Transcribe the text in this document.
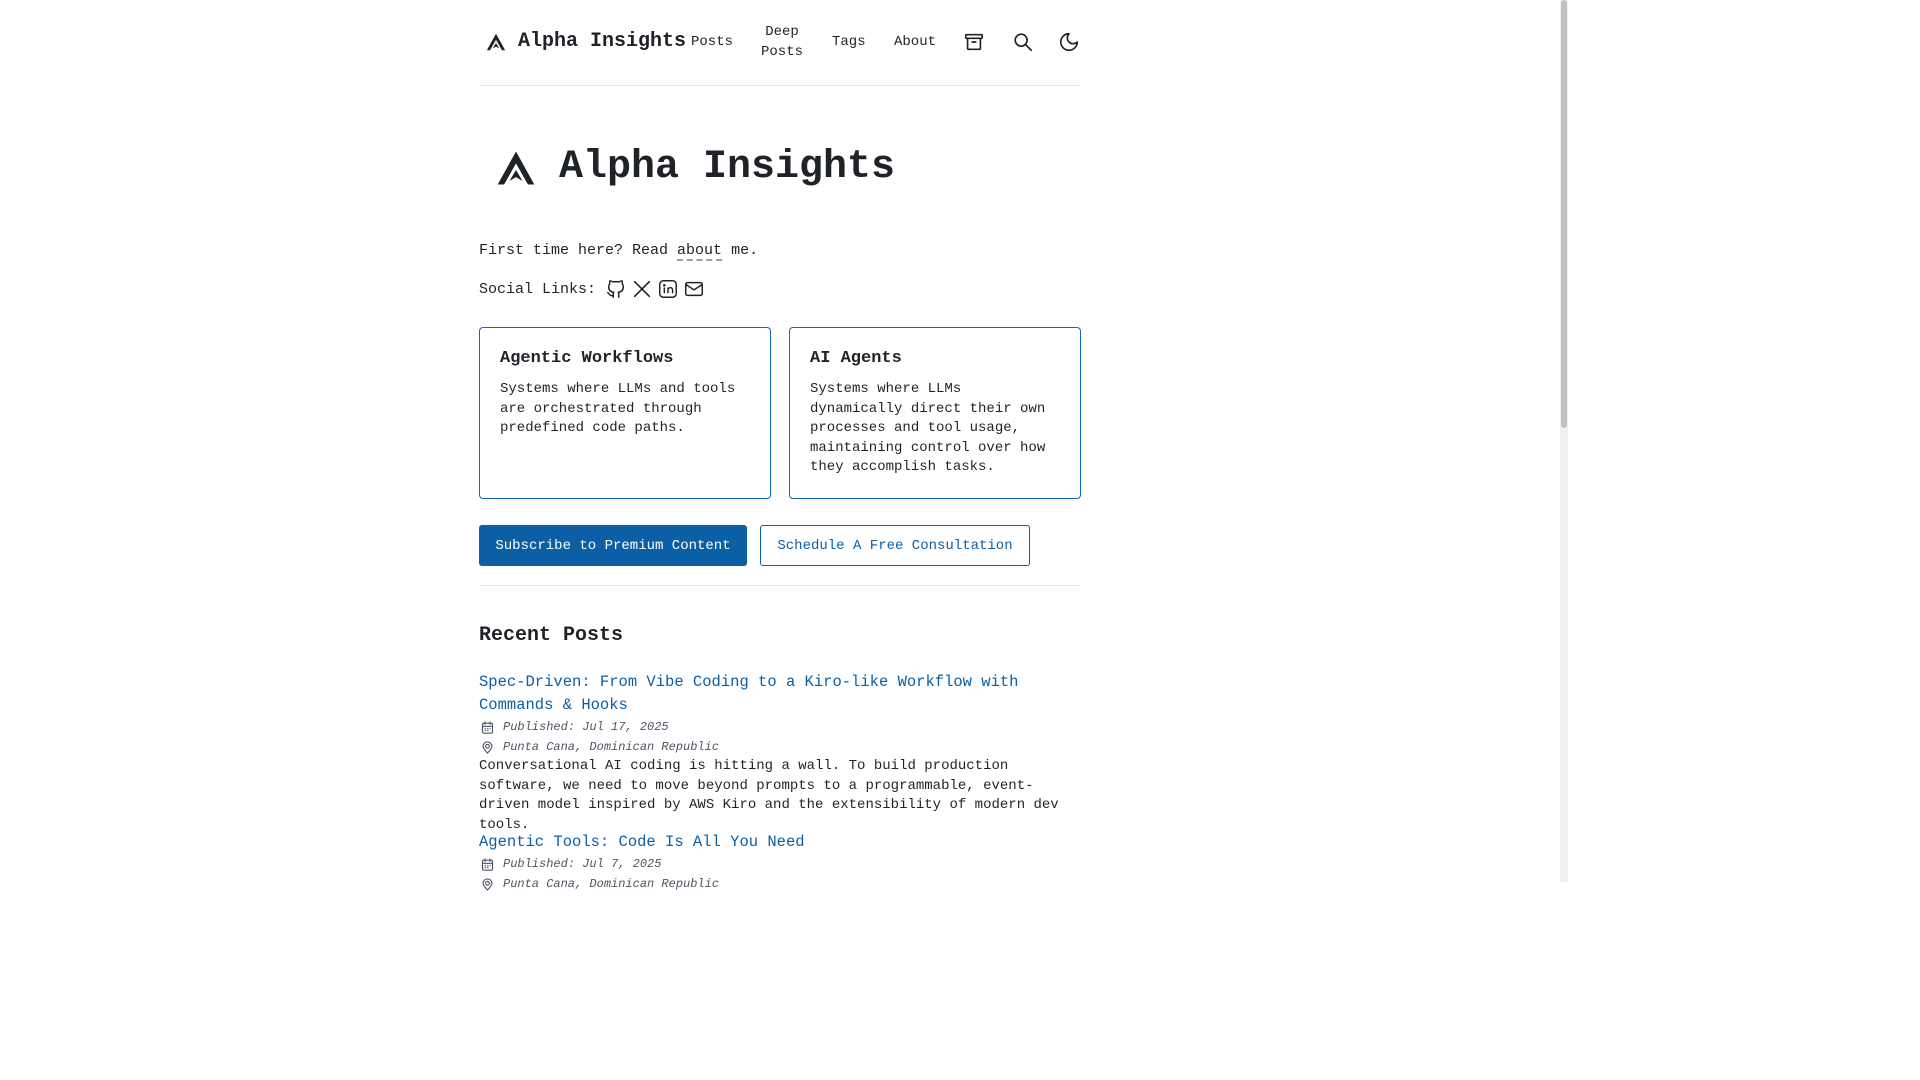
Alpha Insights Posts
Deep Posts
Tags About
Alpha Insights

First time here? Read about me.

Social Links:
Agentic Workflows
Systems where LLMs and tools are orchestrated through predefined code paths.
AI Agents
Systems where LLMs dynamically direct their own processes and tool usage, maintaining control over how they accomplish tasks.
Subscribe to Premium Content	Schedule A Free Consultation
Recent Posts
Spec-Driven: From Vibe Coding to a Kiro-like Workflow with Commands & Hooks
Published: Jul 17, 2025
Punta Cana, Dominican Republic

Conversational AI coding is hitting a wall. To build production software, we need to move beyond prompts to a programmable, event-driven model inspired by AWS Kiro and the extensibility of modern dev tools.

Agentic Tools: Code Is All You Need
Published: Jul 7, 2025
Punta Cana, Dominican Republic
